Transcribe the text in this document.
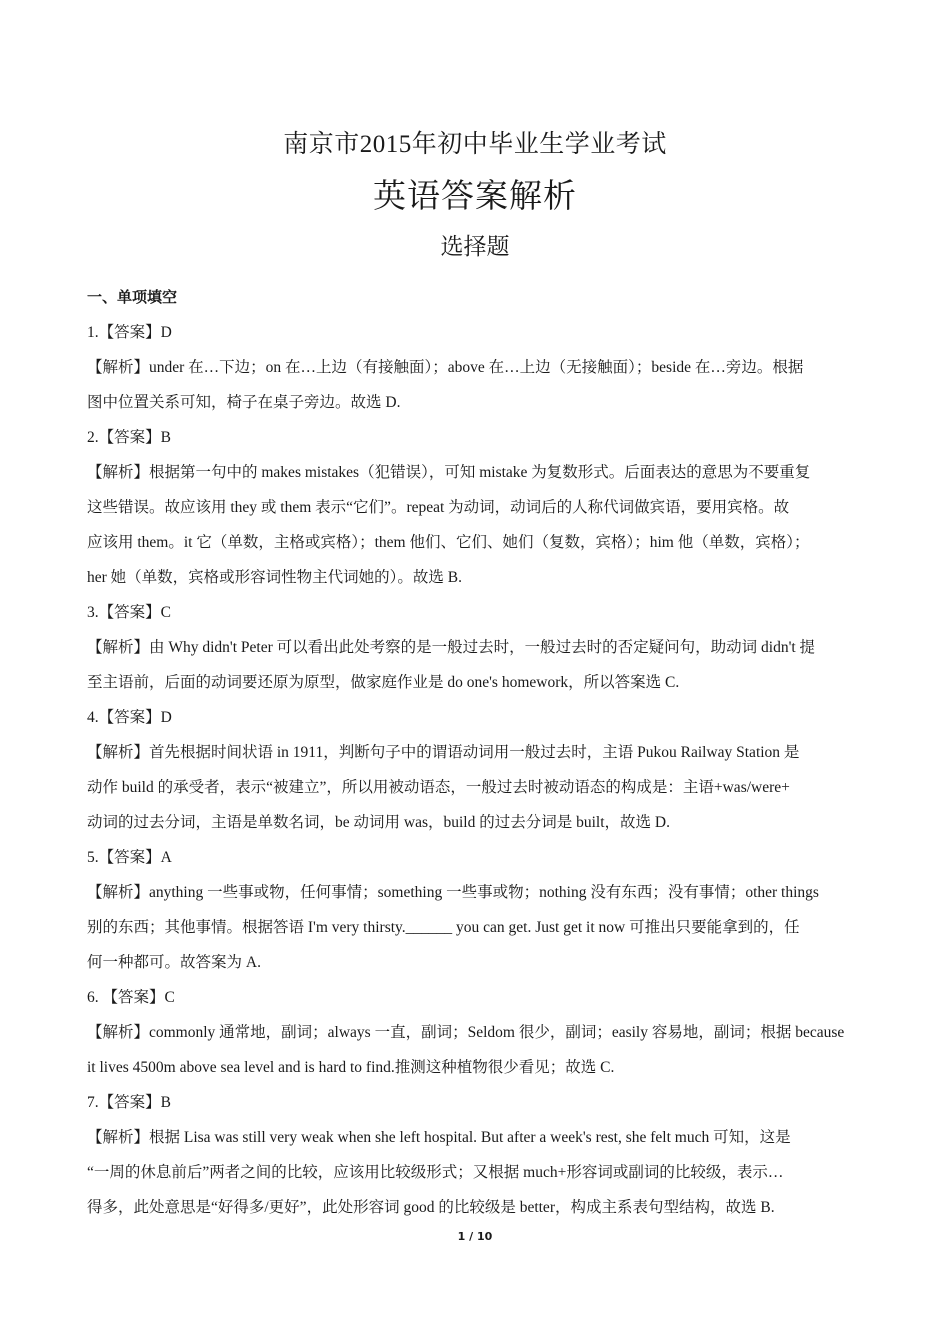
南京市2015年初中毕业生学业考试
英语答案解析
选择题
一、单项填空
1.【答案】D
【解析】under 在…下边；on 在…上边（有接触面）；above 在…上边（无接触面）；beside 在…旁边。根据
图中位置关系可知，椅子在桌子旁边。故选 D.
2.【答案】B
【解析】根据第一句中的 makes mistakes（犯错误），可知 mistake 为复数形式。后面表达的意思为不要重复
这些错误。故应该用 they 或 them 表示“它们”。repeat 为动词，动词后的人称代词做宾语，要用宾格。故
应该用 them。it 它（单数，主格或宾格）；them 他们、它们、她们（复数，宾格）；him 他（单数，宾格）；
her 她（单数，宾格或形容词性物主代词她的）。故选 B.
3.【答案】C
【解析】由 Why didn't Peter 可以看出此处考察的是一般过去时，一般过去时的否定疑问句，助动词 didn't 提
至主语前，后面的动词要还原为原型，做家庭作业是 do one's homework，所以答案选 C.
4.【答案】D
【解析】首先根据时间状语 in 1911，判断句子中的谓语动词用一般过去时，主语 Pukou Railway Station 是
动作 build 的承受者，表示“被建立”，所以用被动语态，一般过去时被动语态的构成是：主语+was/were+
动词的过去分词，主语是单数名词，be 动词用 was，build 的过去分词是 built，故选 D.
5.【答案】A
【解析】anything 一些事或物，任何事情；something 一些事或物；nothing 没有东西；没有事情；other things
别的东西；其他事情。根据答语 I'm very thirsty.______ you can get. Just get it now 可推出只要能拿到的，任
何一种都可。故答案为 A.
6. 【答案】C
【解析】commonly 通常地，副词；always 一直，副词；Seldom 很少，副词；easily 容易地，副词；根据 because
it lives 4500m above sea level and is hard to find.推测这种植物很少看见；故选 C.
7.【答案】B
【解析】根据 Lisa was still very weak when she left hospital. But after a week's rest, she felt much 可知，这是
“一周的休息前后”两者之间的比较，应该用比较级形式；又根据 much+形容词或副词的比较级，表示…
得多，此处意思是“好得多/更好”，此处形容词 good 的比较级是 better，构成主系表句型结构，故选 B.
1 / 10
